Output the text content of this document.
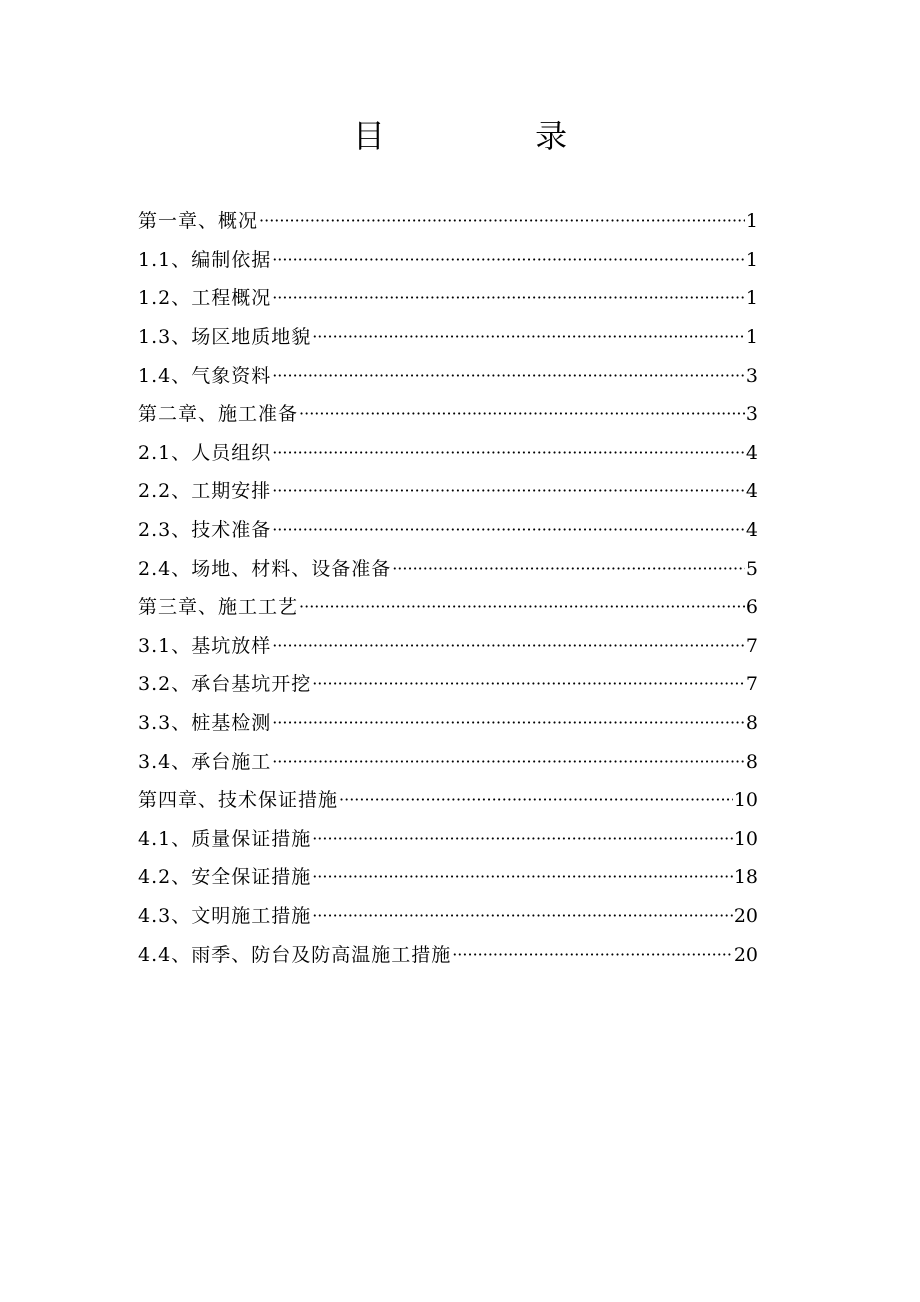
目 录
第一章、概况 ·····	1
1.1、编制依据 ·····	1
1.2、工程概况 ·····	1
1.3、场区地质地貌 ·····	1
1.4、气象资料 ·····	3
第二章、施工准备 ·····	3
2.1、人员组织 ·····	4
2.2、工期安排 ·····	4
2.3、技术准备 ·····	4
2.4、场地、材料、设备准备 ·····	5
第三章、施工工艺 ·····	6
3.1、基坑放样 ·····	7
3.2、承台基坑开挖 ·····	7
3.3、桩基检测 ·····	8
3.4、承台施工 ·····	8
第四章、技术保证措施 ·····	10
4.1、质量保证措施 ·····	10
4.2、安全保证措施 ·····	18
4.3、文明施工措施 ·····	20
4.4、雨季、防台及防高温施工措施 ·····	20
